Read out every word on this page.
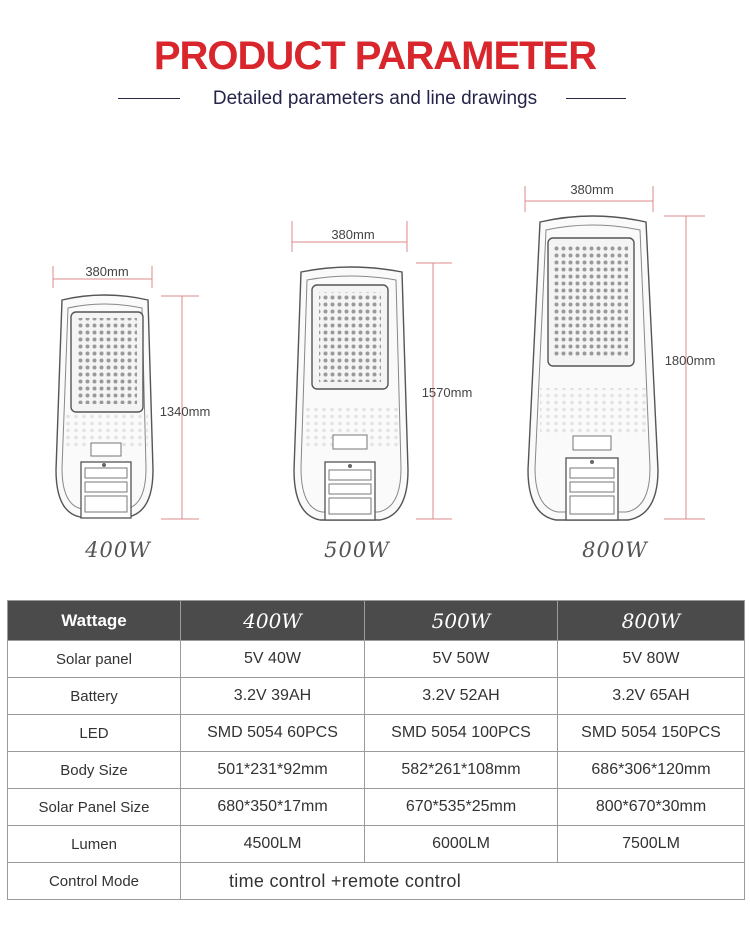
PRODUCT PARAMETER
Detailed parameters and line drawings
380mm
1340mm
380mm
1570mm
380mm
1800mm
400W	500W	800W
Wattage	400W	500W	800W
Solar panel	5V 40W	5V 50W	5V 80W
Battery	3.2V 39AH	3.2V 52AH	3.2V 65AH
LED	SMD 5054 60PCS	SMD 5054 100PCS	SMD 5054 150PCS
Body Size	501*231*92mm	582*261*108mm	686*306*120mm
Solar Panel Size	680*350*17mm	670*535*25mm	800*670*30mm
Lumen	4500LM	6000LM	7500LM
Control Mode	time control +remote control		
